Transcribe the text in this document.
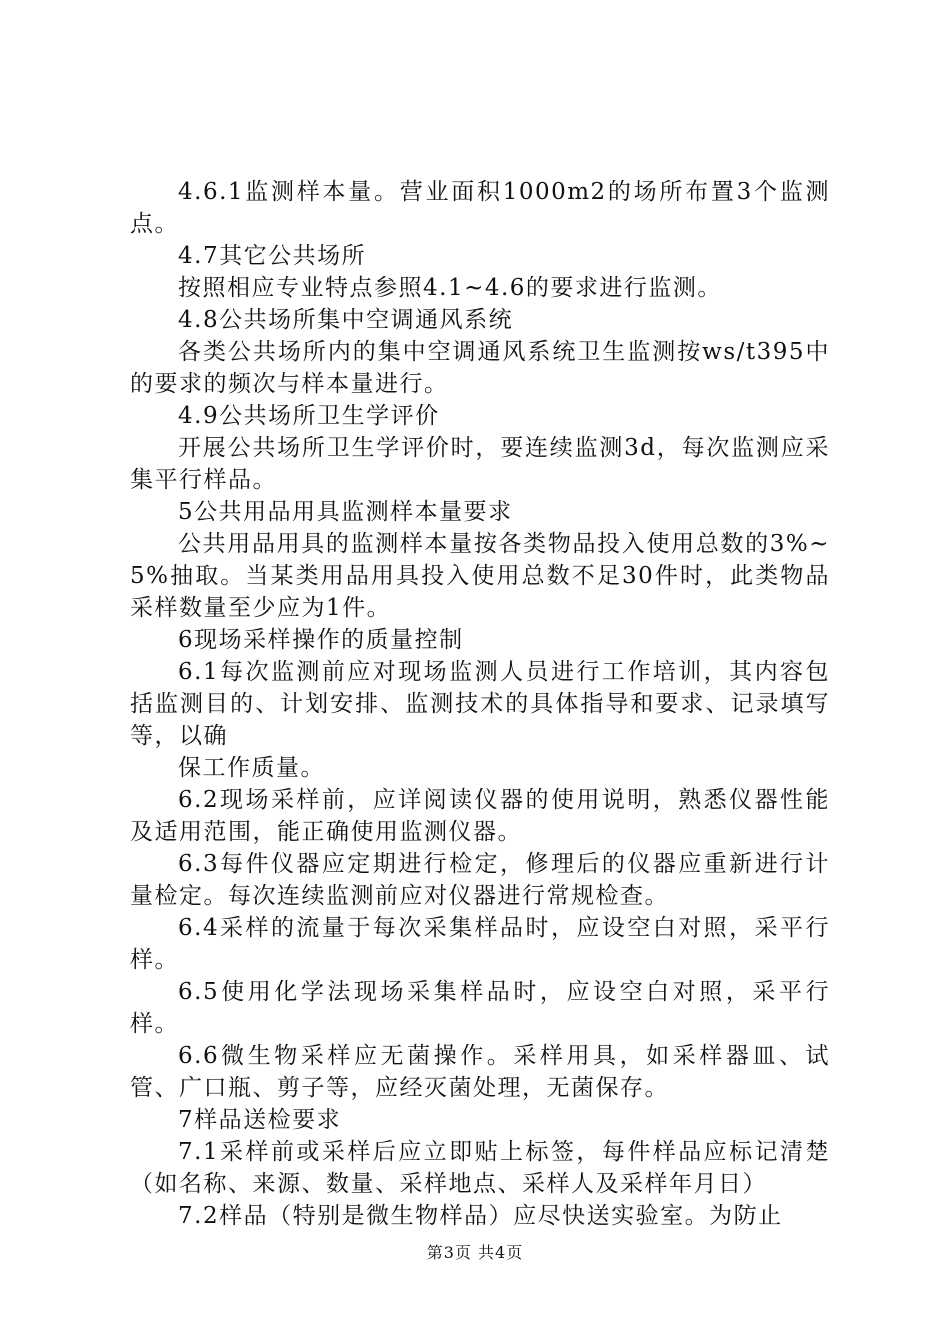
4.6.1监测样本量。营业面积1000m2的场所布置3个监测点。

4.7其它公共场所

按照相应专业特点参照4.1~4.6的要求进行监测。

4.8公共场所集中空调通风系统

各类公共场所内的集中空调通风系统卫生监测按ws/t395中的要求的频次与样本量进行。

4.9公共场所卫生学评价

开展公共场所卫生学评价时，要连续监测3d，每次监测应采集平行样品。

5公共用品用具监测样本量要求

公共用品用具的监测样本量按各类物品投入使用总数的3%~5%抽取。当某类用品用具投入使用总数不足30件时，此类物品采样数量至少应为1件。

6现场采样操作的质量控制

6.1每次监测前应对现场监测人员进行工作培训，其内容包括监测目的、计划安排、监测技术的具体指导和要求、记录填写等，以确

保工作质量。

6.2现场采样前，应详阅读仪器的使用说明，熟悉仪器性能及适用范围，能正确使用监测仪器。

6.3每件仪器应定期进行检定，修理后的仪器应重新进行计量检定。每次连续监测前应对仪器进行常规检查。

6.4采样的流量于每次采集样品时，应设空白对照，采平行样。

6.5使用化学法现场采集样品时，应设空白对照，采平行样。

6.6微生物采样应无菌操作。采样用具，如采样器皿、试管、广口瓶、剪子等，应经灭菌处理，无菌保存。

7样品送检要求

7.1采样前或采样后应立即贴上标签，每件样品应标记清楚（如名称、来源、数量、采样地点、采样人及采样年月日）

7.2样品（特别是微生物样品）应尽快送实验室。为防止

第3页 共4页
